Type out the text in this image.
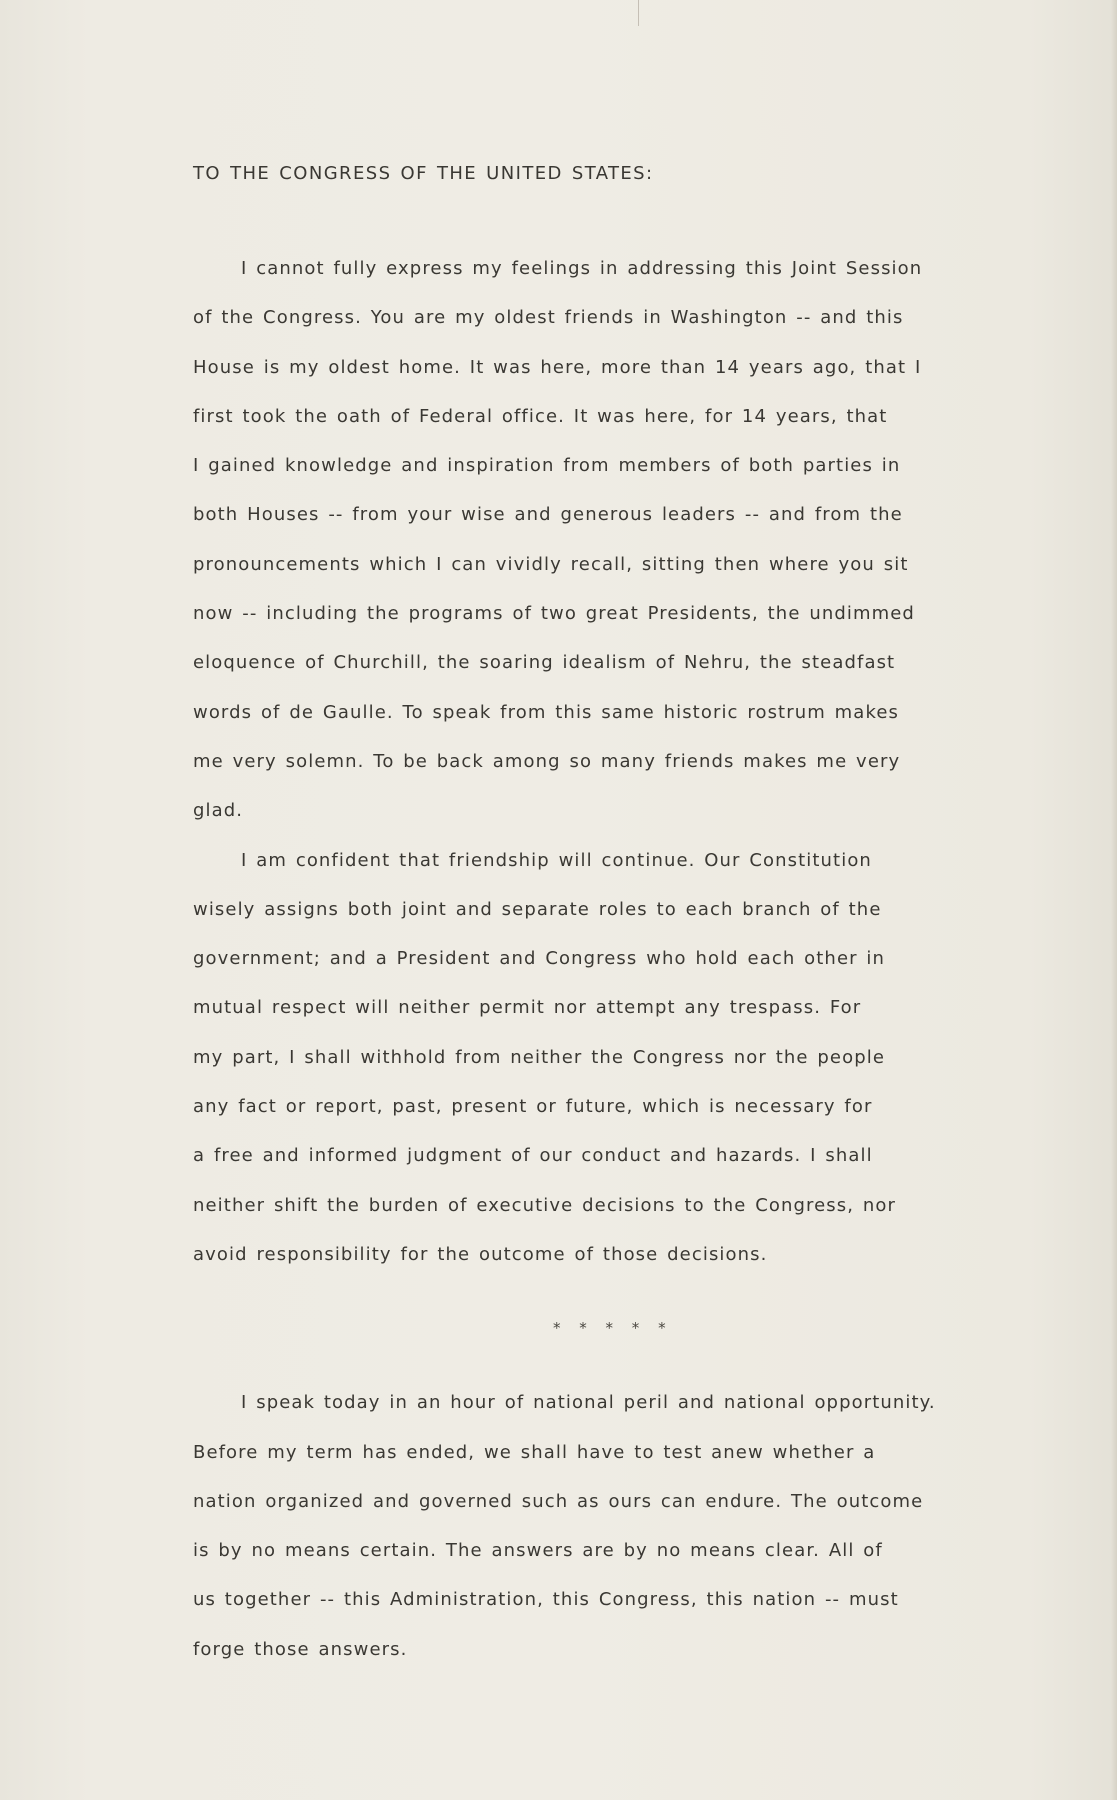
TO THE CONGRESS OF THE UNITED STATES:
I cannot fully express my feelings in addressing this Joint Session
of the Congress. You are my oldest friends in Washington -- and this
House is my oldest home. It was here, more than 14 years ago, that I
first took the oath of Federal office. It was here, for 14 years, that
I gained knowledge and inspiration from members of both parties in
both Houses -- from your wise and generous leaders -- and from the
pronouncements which I can vividly recall, sitting then where you sit
now -- including the programs of two great Presidents, the undimmed
eloquence of Churchill, the soaring idealism of Nehru, the steadfast
words of de Gaulle. To speak from this same historic rostrum makes
me very solemn. To be back among so many friends makes me very
glad.
I am confident that friendship will continue. Our Constitution
wisely assigns both joint and separate roles to each branch of the
government; and a President and Congress who hold each other in
mutual respect will neither permit nor attempt any trespass. For
my part, I shall withhold from neither the Congress nor the people
any fact or report, past, present or future, which is necessary for
a free and informed judgment of our conduct and hazards. I shall
neither shift the burden of executive decisions to the Congress, nor
avoid responsibility for the outcome of those decisions.
* * * * *
I speak today in an hour of national peril and national opportunity.
Before my term has ended, we shall have to test anew whether a
nation organized and governed such as ours can endure. The outcome
is by no means certain. The answers are by no means clear. All of
us together -- this Administration, this Congress, this nation -- must
forge those answers.
